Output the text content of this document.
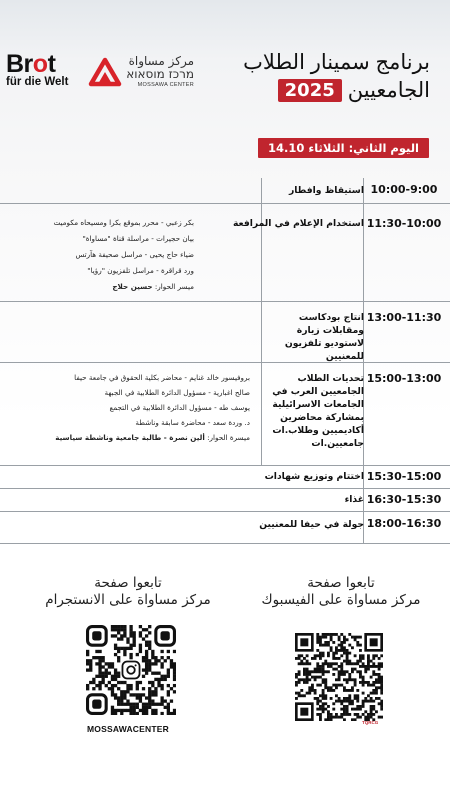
Brot
für die Welt
مركز مساواة
מרכז מוסאוא
MOSSAWA CENTER
برنامج سمينار الطلاب
الجامعيين
2025
اليوم الثاني: الثلاثاء 14.10
10:00-9:00
استيقاظ وافطار
11:30-10:00
استخدام الإعلام في المرافعة
بكر زعبي - محرر بموقع بكرا ومسيحاه مكوميت
بيان حجيرات - مراسلة قناة "مساواة"
ضياء حاج يحيى - مراسل صحيفة هآرتس
ورد قراقرة - مراسل تلفزيون "رؤيا"
ميسر الحوار: حسين حلاج
13:00-11:30
انتاج بودكاست ومقابلات زيارة لاستوديو تلفزيون للمعنيين
15:00-13:00
تحديات الطلاب الجامعيين العرب في الجامعات الاسرائيلية بمشاركة محاضرين أكاديميين وطلاب.ات جامعيين.ات
بروفيسور خالد غنايم - محاضر بكلية الحقوق في جامعة حيفا
صالح اغبارية - مسؤول الدائرة الطلابية في الجبهة
يوسف طه - مسؤول الدائرة الطلابية في التجمع
د. وردة سعد - محاضرة سابقة وناشطة
ميسرة الحوار: ألين نصرة - طالبة جامعية وناشطة سياسية
15:30-15:00
اختتام وتوزيع شهادات
16:30-15:30
غذاء
18:00-16:30
جولة في حيفا للمعنيين
تابعوا صفحة
مركز مساواة على الفيسبوك
تابعوا صفحة
مركز مساواة على الانستجرام
TQRCG
MOSSAWACENTER
